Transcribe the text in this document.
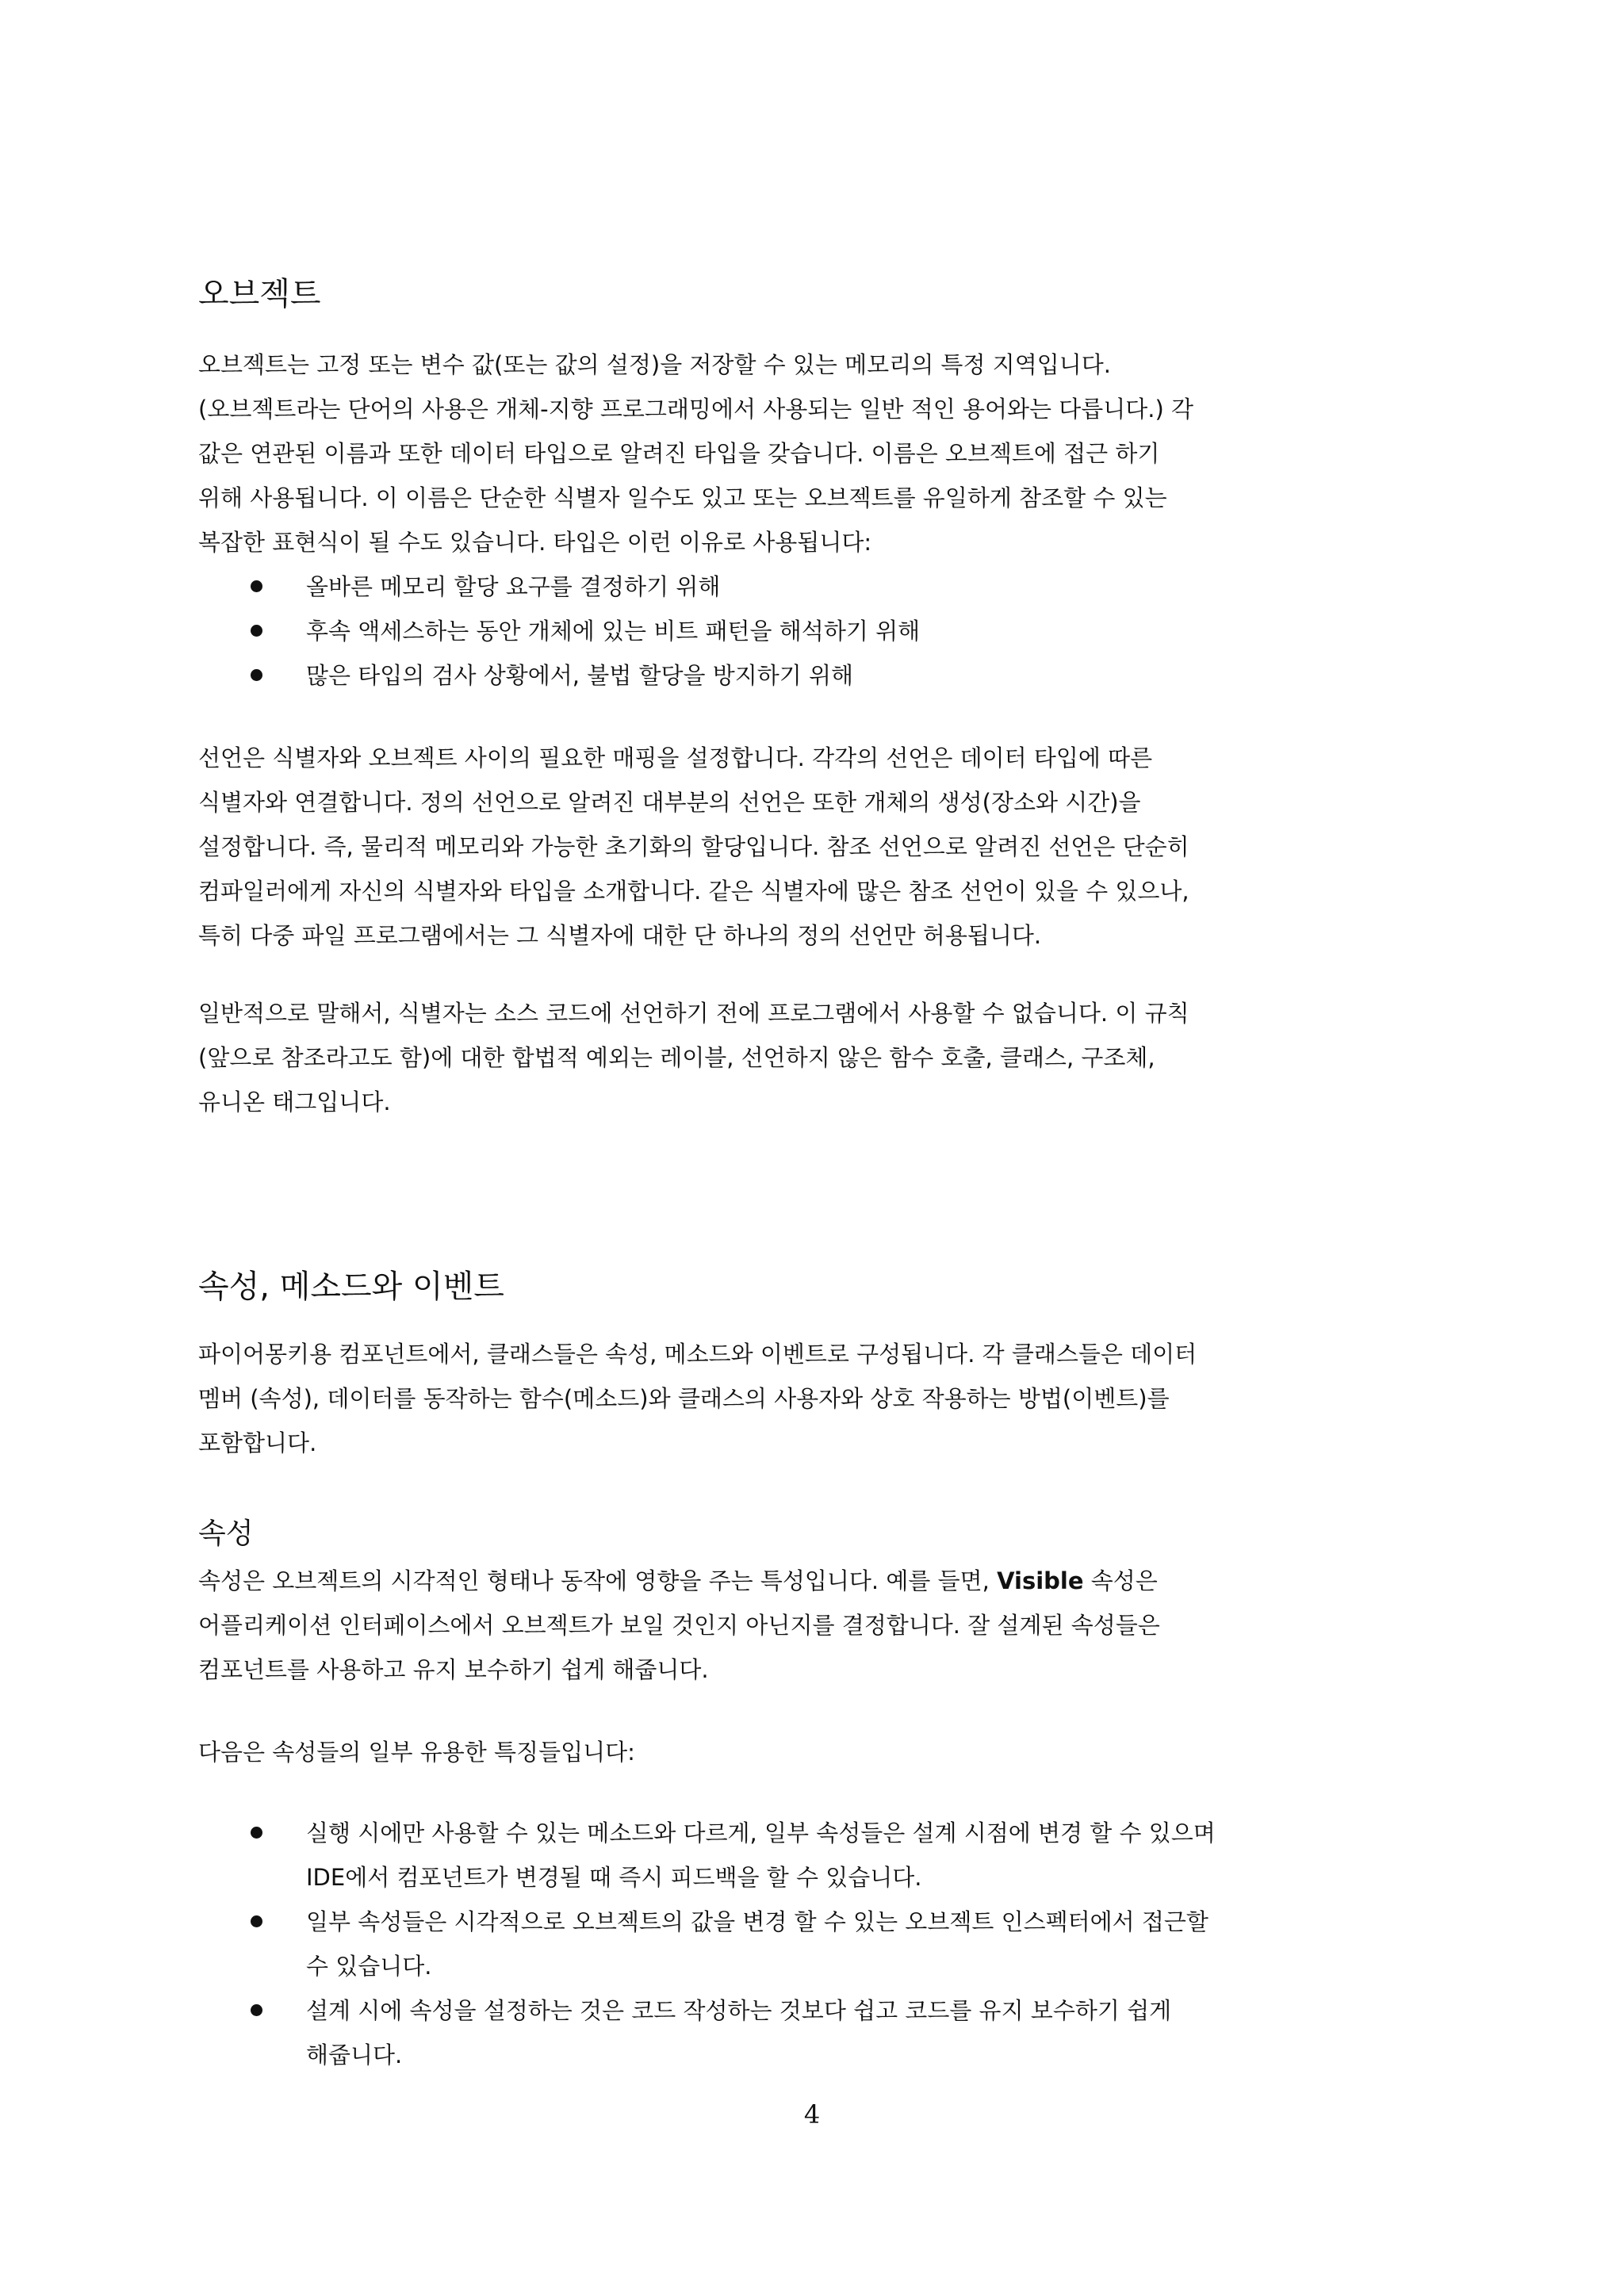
오브젝트
오브젝트는 고정 또는 변수 값(또는 값의 설정)을 저장할 수 있는 메모리의 특정 지역입니다.
(오브젝트라는 단어의 사용은 개체-지향 프로그래밍에서 사용되는 일반 적인 용어와는 다릅니다.) 각
값은 연관된 이름과 또한 데이터 타입으로 알려진 타입을 갖습니다. 이름은 오브젝트에 접근 하기
위해 사용됩니다. 이 이름은 단순한 식별자 일수도 있고 또는 오브젝트를 유일하게 참조할 수 있는
복잡한 표현식이 될 수도 있습니다. 타입은 이런 이유로 사용됩니다:
올바른 메모리 할당 요구를 결정하기 위해
후속 액세스하는 동안 개체에 있는 비트 패턴을 해석하기 위해
많은 타입의 검사 상황에서, 불법 할당을 방지하기 위해
선언은 식별자와 오브젝트 사이의 필요한 매핑을 설정합니다. 각각의 선언은 데이터 타입에 따른
식별자와 연결합니다. 정의 선언으로 알려진 대부분의 선언은 또한 개체의 생성(장소와 시간)을
설정합니다. 즉, 물리적 메모리와 가능한 초기화의 할당입니다. 참조 선언으로 알려진 선언은 단순히
컴파일러에게 자신의 식별자와 타입을 소개합니다. 같은 식별자에 많은 참조 선언이 있을 수 있으나,
특히 다중 파일 프로그램에서는 그 식별자에 대한 단 하나의 정의 선언만 허용됩니다.
일반적으로 말해서, 식별자는 소스 코드에 선언하기 전에 프로그램에서 사용할 수 없습니다. 이 규칙
(앞으로 참조라고도 함)에 대한 합법적 예외는 레이블, 선언하지 않은 함수 호출, 클래스, 구조체,
유니온 태그입니다.
속성, 메소드와 이벤트
파이어몽키용 컴포넌트에서, 클래스들은 속성, 메소드와 이벤트로 구성됩니다. 각 클래스들은 데이터
멤버 (속성), 데이터를 동작하는 함수(메소드)와 클래스의 사용자와 상호 작용하는 방법(이벤트)를
포함합니다.
속성
속성은 오브젝트의 시각적인 형태나 동작에 영향을 주는 특성입니다. 예를 들면, Visible 속성은
어플리케이션 인터페이스에서 오브젝트가 보일 것인지 아닌지를 결정합니다. 잘 설계된 속성들은
컴포넌트를 사용하고 유지 보수하기 쉽게 해줍니다.
다음은 속성들의 일부 유용한 특징들입니다:
실행 시에만 사용할 수 있는 메소드와 다르게, 일부 속성들은 설계 시점에 변경 할 수 있으며
IDE에서 컴포넌트가 변경될 때 즉시 피드백을 할 수 있습니다.
일부 속성들은 시각적으로 오브젝트의 값을 변경 할 수 있는 오브젝트 인스펙터에서 접근할
수 있습니다.
설계 시에 속성을 설정하는 것은 코드 작성하는 것보다 쉽고 코드를 유지 보수하기 쉽게
해줍니다.
4
